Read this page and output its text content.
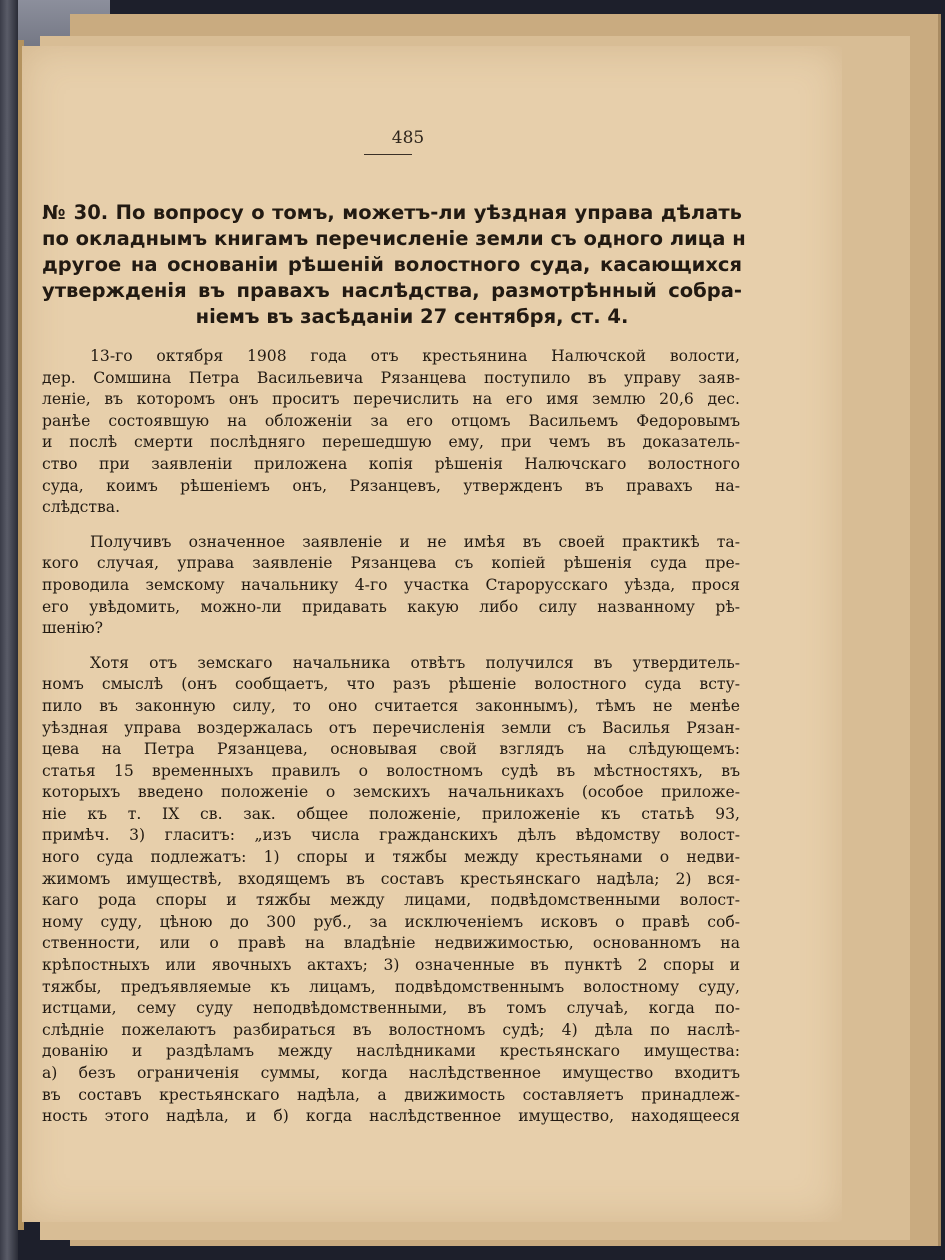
485
№ 30. По вопросу о томъ, можетъ-ли уѣздная управа дѣлать
по окладнымъ книгамъ перечисленіе земли съ одного лица н
другое на основаніи рѣшеній волостного суда, касающихся
утвержденія въ правахъ наслѣдства, размотрѣнный собра-
ніемъ въ засѣданіи 27 сентября, ст. 4.
13-го октября 1908 года отъ крестьянина Налючской волости,
дер. Сомшина Петра Васильевича Рязанцева поступило въ управу заяв-
леніе, въ которомъ онъ проситъ перечислить на его имя землю 20,6 дес.
ранѣе состоявшую на обложеніи за его отцомъ Васильемъ Федоровымъ
и послѣ смерти послѣдняго перешедшую ему, при чемъ въ доказатель-
ство при заявленіи приложена копія рѣшенія Налючскаго волостного
суда, коимъ рѣшеніемъ онъ, Рязанцевъ, утвержденъ въ правахъ на-
слѣдства.
Получивъ означенное заявленіе и не имѣя въ своей практикѣ та-
кого случая, управа заявленіе Рязанцева съ копіей рѣшенія суда пре-
проводила земскому начальнику 4-го участка Старорусскаго уѣзда, прося
его увѣдомить, можно-ли придавать какую либо силу названному рѣ-
шенію?
Хотя отъ земскаго начальника отвѣтъ получился въ утвердитель-
номъ смыслѣ (онъ сообщаетъ, что разъ рѣшеніе волостного суда всту-
пило въ законную силу, то оно считается законнымъ), тѣмъ не менѣе
уѣздная управа воздержалась отъ перечисленія земли съ Василья Рязан-
цева на Петра Рязанцева, основывая свой взглядъ на слѣдующемъ:
статья 15 временныхъ правилъ о волостномъ судѣ въ мѣстностяхъ, въ
которыхъ введено положеніе о земскихъ начальникахъ (особое приложе-
ніе къ т. IX св. зак. общее положеніе, приложеніе къ статьѣ 93,
примѣч. 3) гласитъ: „изъ числа гражданскихъ дѣлъ вѣдомству волост-
ного суда подлежатъ: 1) споры и тяжбы между крестьянами о недви-
жимомъ имуществѣ, входящемъ въ составъ крестьянскаго надѣла; 2) вся-
каго рода споры и тяжбы между лицами, подвѣдомственными волост-
ному суду, цѣною до 300 руб., за исключеніемъ исковъ о правѣ соб-
ственности, или о правѣ на владѣніе недвижимостью, основанномъ на
крѣпостныхъ или явочныхъ актахъ; 3) означенные въ пунктѣ 2 споры и
тяжбы, предъявляемые къ лицамъ, подвѣдомственнымъ волостному суду,
истцами, сему суду неподвѣдомственными, въ томъ случаѣ, когда по-
слѣдніе пожелаютъ разбираться въ волостномъ судѣ; 4) дѣла по наслѣ-
дованію и раздѣламъ между наслѣдниками крестьянскаго имущества:
а) безъ ограниченія суммы, когда наслѣдственное имущество входитъ
въ составъ крестьянскаго надѣла, а движимость составляетъ принадлеж-
ность этого надѣла, и б) когда наслѣдственное имущество, находящееся
